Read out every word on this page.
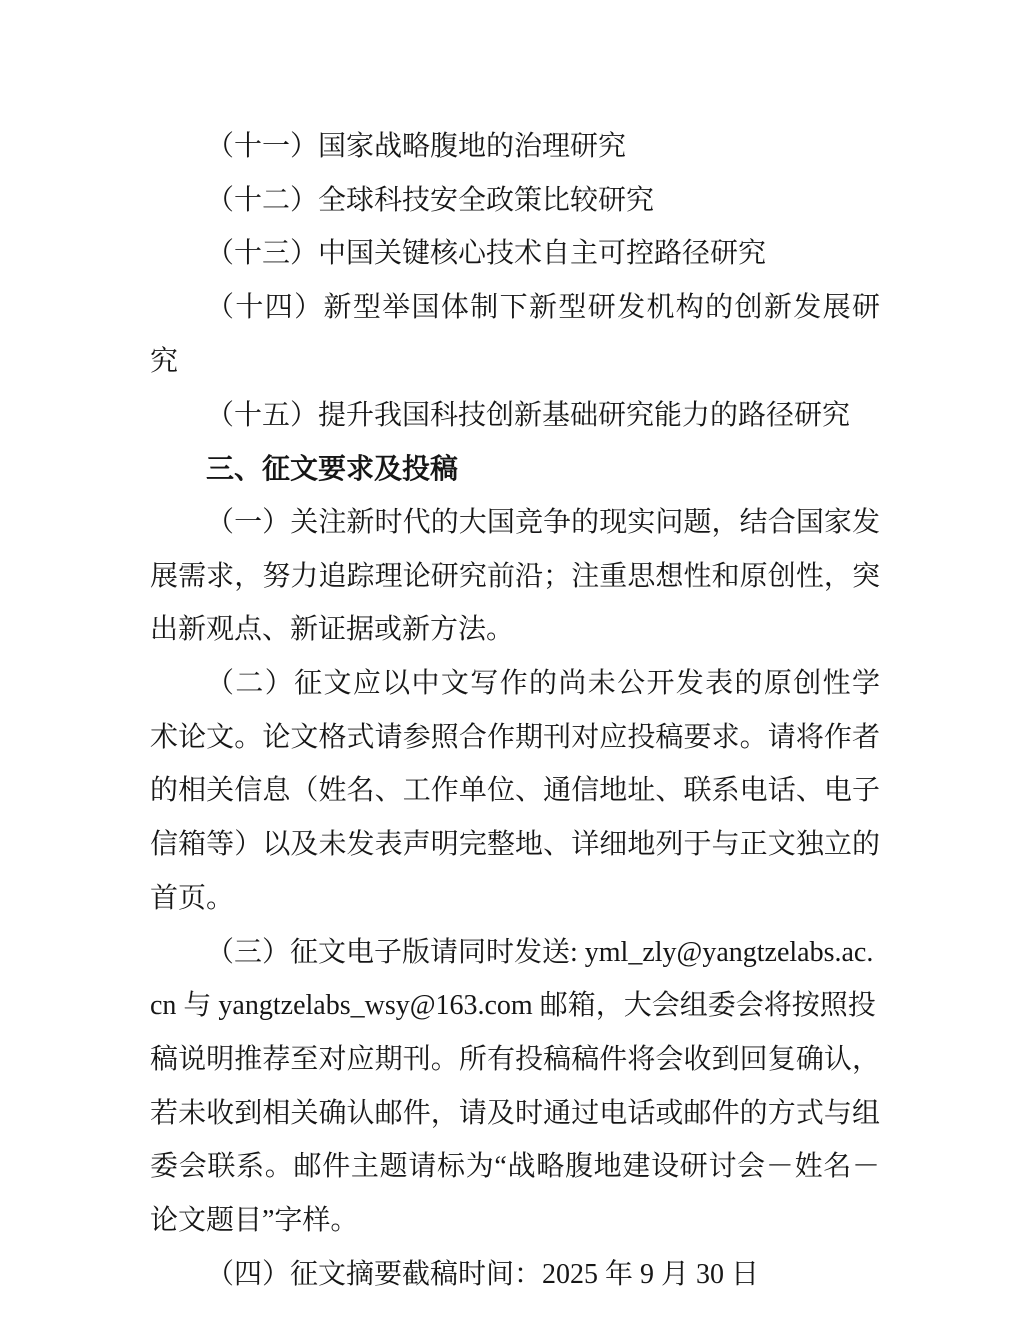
（十一）国家战略腹地的治理研究
（十二）全球科技安全政策比较研究
（十三）中国关键核心技术自主可控路径研究
（十四）新型举国体制下新型研发机构的创新发展研
究
（十五）提升我国科技创新基础研究能力的路径研究
三、征文要求及投稿
（一）关注新时代的大国竞争的现实问题，结合国家发
展需求，努力追踪理论研究前沿；注重思想性和原创性，突
出新观点、新证据或新方法。
（二）征文应以中文写作的尚未公开发表的原创性学
术论文。论文格式请参照合作期刊对应投稿要求。请将作者
的相关信息（姓名、工作单位、通信地址、联系电话、电子
信箱等）以及未发表声明完整地、详细地列于与正文独立的
首页。
（三）征文电子版请同时发送: yml_zly@yangtzelabs.ac.
cn 与 yangtzelabs_wsy@163.com 邮箱，大会组委会将按照投
稿说明推荐至对应期刊。所有投稿稿件将会收到回复确认，
若未收到相关确认邮件，请及时通过电话或邮件的方式与组
委会联系。邮件主题请标为“战略腹地建设研讨会－姓名－
论文题目”字样。
（四）征文摘要截稿时间：2025 年 9 月 30 日
